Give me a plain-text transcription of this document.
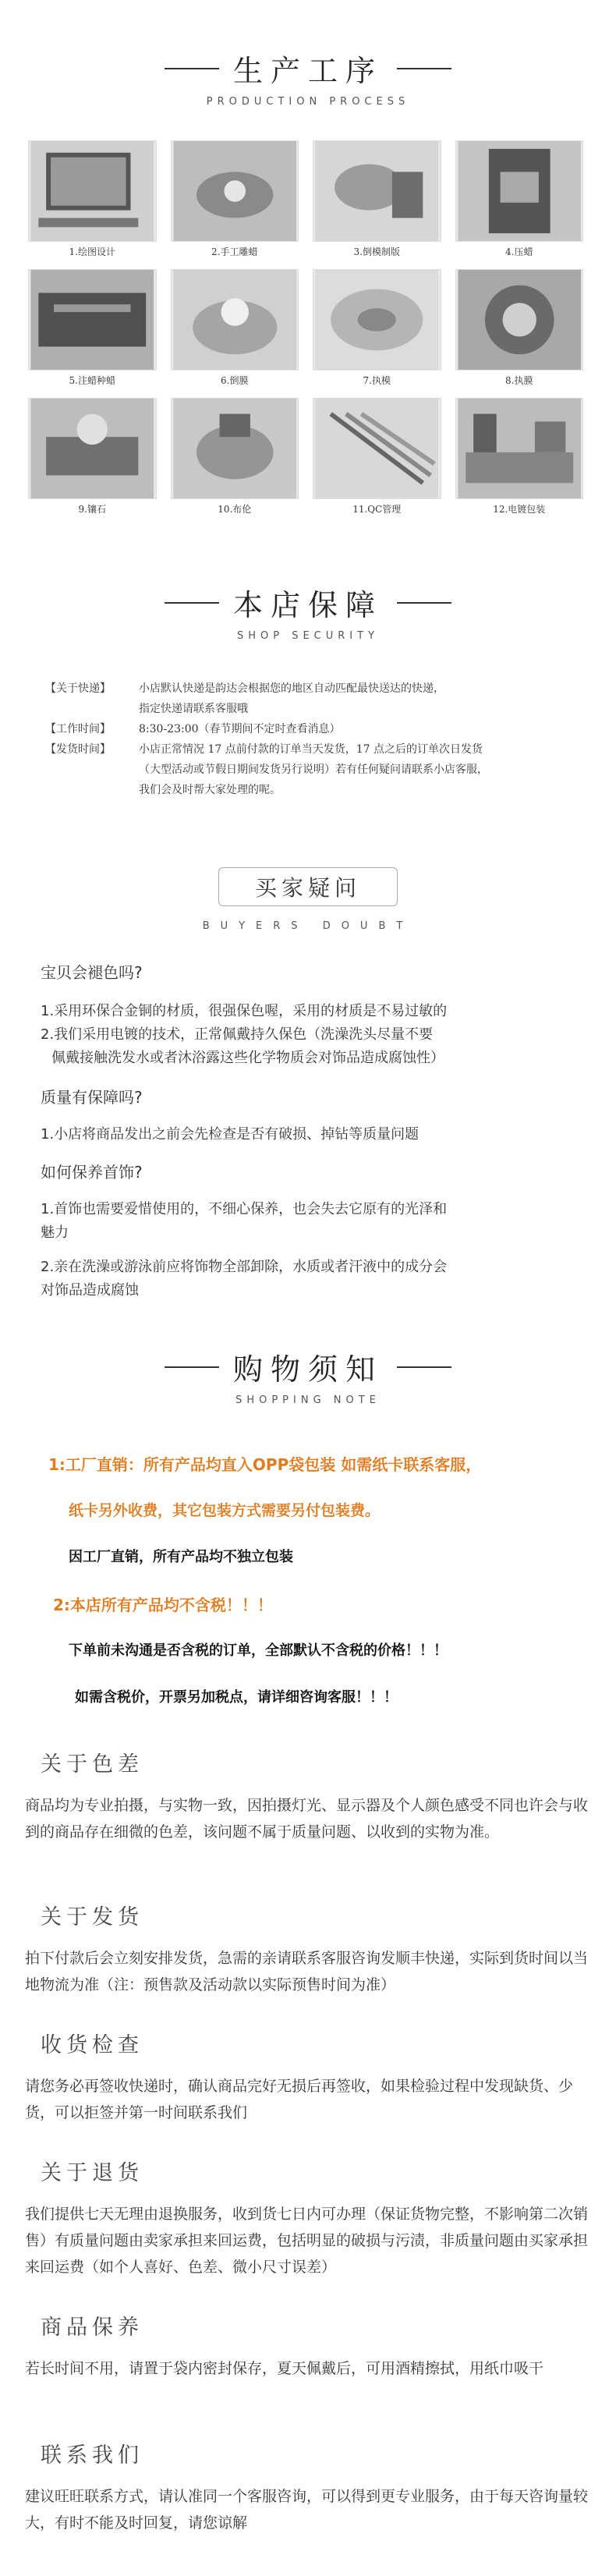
生产工序
PRODUCTION PROCESS
1.绘图设计	2.手工雕蜡	3.倒模制版	4.压蜡
5.注蜡种蜡	6.倒膜	7.执模	8.执膜
9.镶石	10.布伦	11.QC管理	12.电镀包装
本店保障
SHOP SECURITY
【关于快递】	小店默认快递是韵达会根据您的地区自动匹配最快送达的快递，
指定快递请联系客服哦
【工作时间】	8:30-23:00（春节期间不定时查看消息）
【发货时间】	小店正常情况 17 点前付款的订单当天发货，17 点之后的订单次日发货
（大型活动或节假日期间发货另行说明）若有任何疑问请联系小店客服，
我们会及时帮大家处理的呢。
买家疑问
BUYERS DOUBT
宝贝会褪色吗?
1.采用环保合金铜的材质，很强保色喔，采用的材质是不易过敏的
2.我们采用电镀的技术，正常佩戴持久保色（洗澡洗头尽量不要
佩戴接触洗发水或者沐浴露这些化学物质会对饰品造成腐蚀性）
质量有保障吗?
1.小店将商品发出之前会先检查是否有破损、掉钻等质量问题
如何保养首饰?
1.首饰也需要爱惜使用的，不细心保养，也会失去它原有的光泽和
魅力
2.亲在洗澡或游泳前应将饰物全部卸除，水质或者汗液中的成分会
对饰品造成腐蚀
购物须知
SHOPPING NOTE
1:工厂直销：所有产品均直入OPP袋包装 如需纸卡联系客服，
纸卡另外收费，其它包装方式需要另付包装费。
因工厂直销，所有产品均不独立包装
2:本店所有产品均不含税！！！
下单前未沟通是否含税的订单，全部默认不含税的价格！！！
如需含税价，开票另加税点，请详细咨询客服！！！
关于色差
商品均为专业拍摄，与实物一致，因拍摄灯光、显示器及个人颜色感受不同也许会与收到的商品存在细微的色差，该问题不属于质量问题、以收到的实物为准。
关于发货
拍下付款后会立刻安排发货，急需的亲请联系客服咨询发顺丰快递，实际到货时间以当地物流为准（注：预售款及活动款以实际预售时间为准）
收货检查
请您务必再签收快递时，确认商品完好无损后再签收，如果检验过程中发现缺货、少货，可以拒签并第一时间联系我们
关于退货
我们提供七天无理由退换服务，收到货七日内可办理（保证货物完整，不影响第二次销售）有质量问题由卖家承担来回运费，包括明显的破损与污渍，非质量问题由买家承担来回运费（如个人喜好、色差、微小尺寸误差）
商品保养
若长时间不用，请置于袋内密封保存，夏天佩戴后，可用酒精擦拭，用纸巾吸干
联系我们
建议旺旺联系方式，请认准同一个客服咨询，可以得到更专业服务，由于每天咨询量较大，有时不能及时回复，请您谅解
